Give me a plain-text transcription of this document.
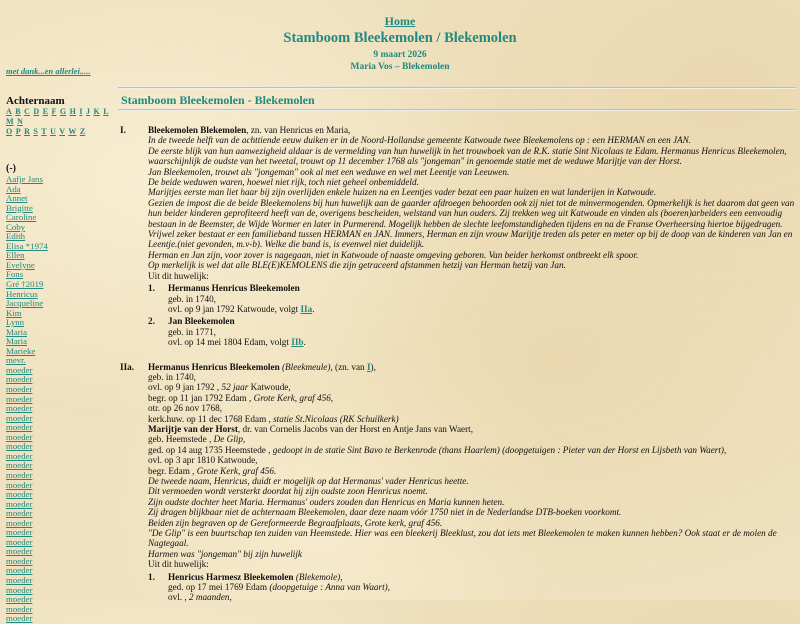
Home
Stamboom Bleekemolen / Blekemolen
9 maart 2026
Maria Vos – Blekemolen
met dank...en allerlei.....
Achternaam
A B C D E F G H I J K L M N
O P R S T U V W Z
(-)
Aafje Jans
Ada
Annet
Brigitte
Caroline
Coby
Edith
Elisa *1974
Ellen
Evelyne
Fons
Gré †2019
Henricus
Jacqueline
Kim
Lynn
Maria
Maria
Marieke
mevr.
moeder
moeder
moeder
moeder
moeder
moeder
moeder
moeder
moeder
moeder
moeder
moeder
moeder
moeder
moeder
moeder
moeder
moeder
moeder
moeder
moeder
moeder
moeder
moeder
moeder
moeder
moeder
Stamboom Bleekemolen - Blekemolen
I. Bleekemolen Blekemolen, zn. van Henricus en Maria,
In de tweede helft van de achttiende eeuw duiken er in de Noord-Hollandse gemeente Katwoude twee Bleekemolens op : een HERMAN en een JAN.
De eerste blijk van hun aanwezigheid aldaar is de vermelding van hun huwelijk in het trouwboek van de R.K. statie Sint Nicolaas te Edam. Hermanus Henricus Bleekemolen, waarschijnlijk de oudste van het tweetal, trouwt op 11 december 1768 als "jongeman" in genoemde statie met de weduwe Marijtje van der Horst.
Jan Bleekemolen, trouwt als "jongeman" ook al met een weduwe en wel met Leentje van Leeuwen.
De beide weduwen waren, hoewel niet rijk, toch niet geheel onbemiddeld.
Marijtjes eerste man liet haar bij zijn overlijden enkele huizen na en Leentjes vader bezat een paar huizen en wat landerijen in Katwoude.
Gezien de impost die de beide Bleekemolens bij hun huwelijk aan de gaarder afdroegen behoorden ook zij niet tot de minvermogenden. Opmerkelijk is het daarom dat geen van hun beider kinderen geprofiteerd heeft van de, overigens bescheiden, welstand van hun ouders. Zij trekken weg uit Katwoude en vinden als (boeren)arbeiders een eenvoudig bestaan in de Beemster, de Wijde Wormer en later in Purmerend. Mogelijk hebben de slechte leefomstandigheden tijdens en na de Franse Overheersing hiertoe bijgedragen.
Vrijwel zeker bestaat er een familieband tussen HERMAN en JAN. Immers, Herman en zijn vrouw Marijtje treden als peter en meter op bij de doop van de kinderen van Jan en Leentje.(niet gevonden, m.v-b). Welke die band is, is evenwel niet duidelijk.
Herman en Jan zijn, voor zover is nagegaan, niet in Katwoude of naaste omgeving geboren. Van beider herkomst ontbreekt elk spoor.
Op merkelijk is wel dat alle BLE(E)KEMOLENS die zijn getraceerd afstammen hetzij van Herman hetzij van Jan.
Uit dit huwelijk:
1. Hermanus Henricus Bleekemolen
geb. in 1740,
ovl. op 9 jan 1792 Katwoude, volgt IIa.
2. Jan Bleekemolen
geb. in 1771,
ovl. op 14 mei 1804 Edam, volgt IIb.
IIa. Hermanus Henricus Bleekemolen (Bleekmeule), (zn. van I),
geb. in 1740,
ovl. op 9 jan 1792 , 52 jaar Katwoude,
begr. op 11 jan 1792 Edam , Grote Kerk, graf 456,
otr. op 26 nov 1768,
kerk.huw. op 11 dec 1768 Edam , statie St.Nicolaas (RK Schuilkerk)
Marijtje van der Horst, dr. van Cornelis Jacobs van der Horst en Antje Jans van Waert,
geb. Heemstede , De Glip,
ged. op 14 aug 1735 Heemstede , gedoopt in de statie Sint Bavo te Berkenrode (thans Haarlem) (doopgetuigen : Pieter van der Horst en Lijsbeth van Waert),
ovl. op 3 apr 1810 Katwoude,
begr. Edam , Grote Kerk, graf 456.
De tweede naam, Henricus, duidt er mogelijk op dat Hermanus' vader Henricus heette.
Dit vermoeden wordt versterkt doordat hij zijn oudste zoon Henricus noemt.
Zijn oudste dochter heet Maria. Hermanus' ouders zouden dan Henricus en Maria kunnen heten.
Zij dragen blijkbaar niet de achternaam Bleekemolen, daar deze naam vóór 1750 niet in de Nederlandse DTB-boeken voorkomt.
Beiden zijn begraven op de Gereformeerde Begraafplaats, Grote kerk, graf 456.
"De Glip" is een buurtschap ten zuiden van Heemstede. Hier was een bleekerij Bleeklust, zou dat iets met Bleekemolen te maken kunnen hebben? Ook staat er de molen de Nagtegaal.
Harmen was "jongeman" bij zijn huwelijk
Uit dit huwelijk:
1. Henricus Harmesz Bleekemolen (Blekemole),
ged. op 17 mei 1769 Edam (doopgetuige : Anna van Waart),
ovl. , 2 maanden,
